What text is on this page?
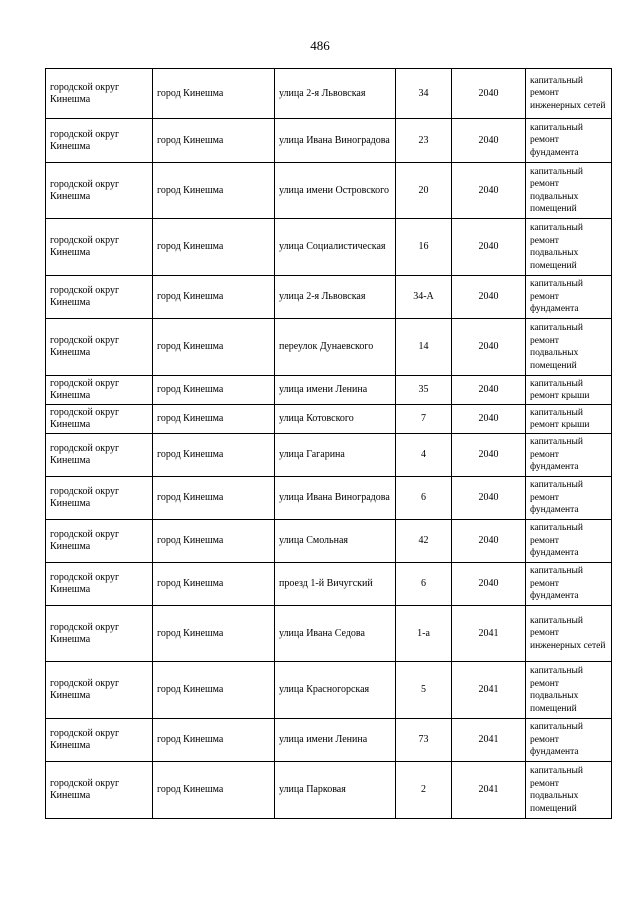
486
городской округ Кинешма	город Кинешма	улица 2-я Львовская	34	2040	капитальный ремонт инженерных сетей
городской округ Кинешма	город Кинешма	улица Ивана Виноградова	23	2040	капитальный ремонт фундамента
городской округ Кинешма	город Кинешма	улица имени Островского	20	2040	капитальный ремонт подвальных помещений
городской округ Кинешма	город Кинешма	улица Социалистическая	16	2040	капитальный ремонт подвальных помещений
городской округ Кинешма	город Кинешма	улица 2-я Львовская	34-А	2040	капитальный ремонт фундамента
городской округ Кинешма	город Кинешма	переулок Дунаевского	14	2040	капитальный ремонт подвальных помещений
городской округ Кинешма	город Кинешма	улица имени Ленина	35	2040	капитальный ремонт крыши
городской округ Кинешма	город Кинешма	улица Котовского	7	2040	капитальный ремонт крыши
городской округ Кинешма	город Кинешма	улица Гагарина	4	2040	капитальный ремонт фундамента
городской округ Кинешма	город Кинешма	улица Ивана Виноградова	6	2040	капитальный ремонт фундамента
городской округ Кинешма	город Кинешма	улица Смольная	42	2040	капитальный ремонт фундамента
городской округ Кинешма	город Кинешма	проезд 1-й Вичугский	6	2040	капитальный ремонт фундамента
городской округ Кинешма	город Кинешма	улица Ивана Седова	1-а	2041	капитальный ремонт инженерных сетей
городской округ Кинешма	город Кинешма	улица Красногорская	5	2041	капитальный ремонт подвальных помещений
городской округ Кинешма	город Кинешма	улица имени Ленина	73	2041	капитальный ремонт фундамента
городской округ Кинешма	город Кинешма	улица Парковая	2	2041	капитальный ремонт подвальных помещений
